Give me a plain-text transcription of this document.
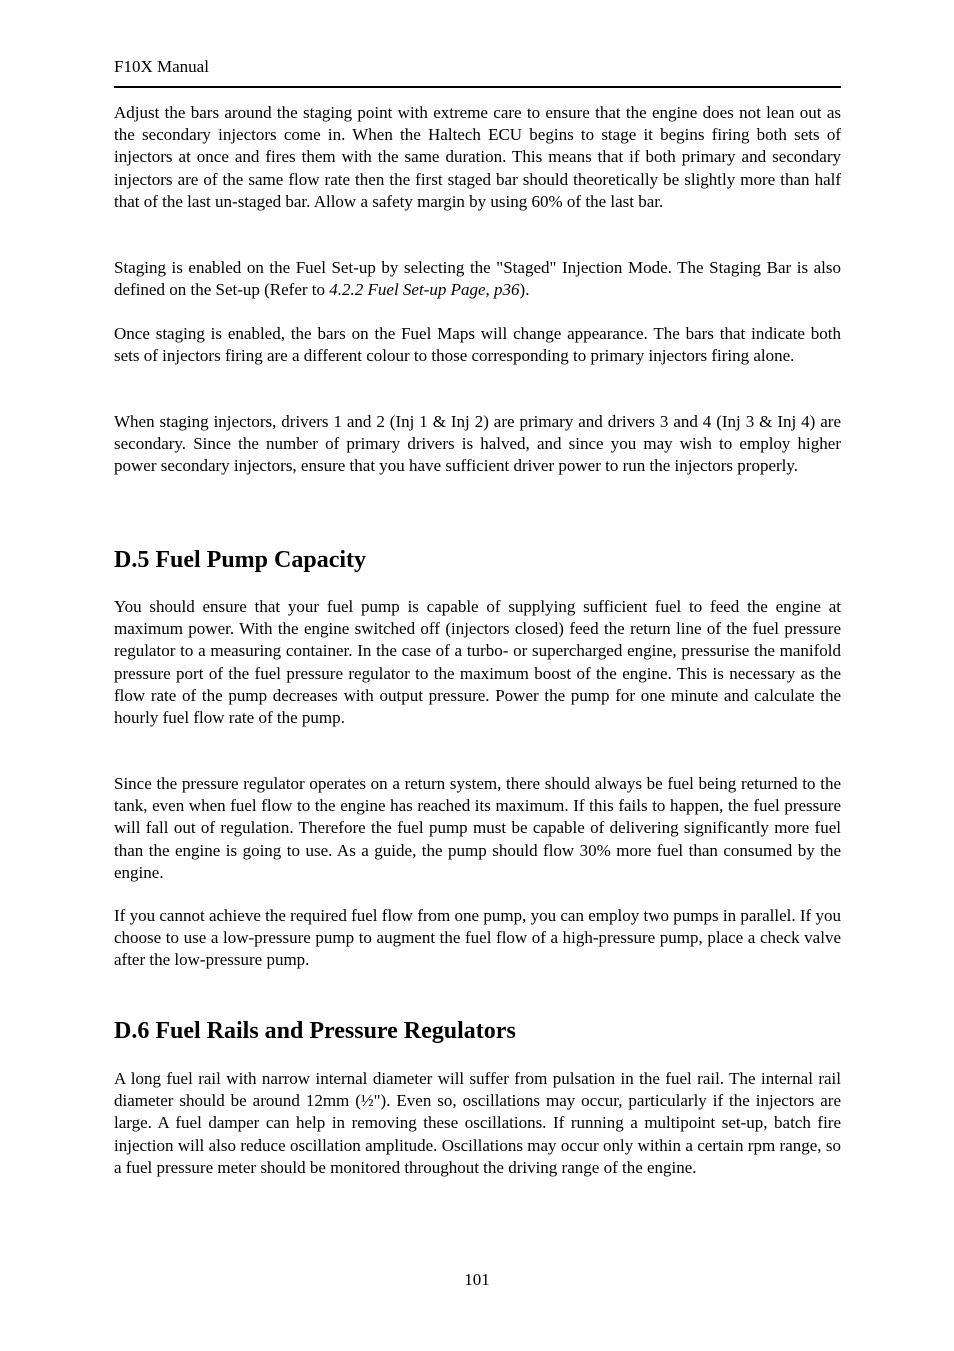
F10X Manual

Adjust the bars around the staging point with extreme care to ensure that the engine does not lean out as the secondary injectors come in. When the Haltech ECU begins to stage it begins firing both sets of injectors at once and fires them with the same duration. This means that if both primary and secondary injectors are of the same flow rate then the first staged bar should theoretically be slightly more than half that of the last un-staged bar. Allow a safety margin by using 60% of the last bar.

Staging is enabled on the Fuel Set-up by selecting the "Staged" Injection Mode. The Staging Bar is also defined on the Set-up (Refer to 4.2.2 Fuel Set-up Page, p36).

Once staging is enabled, the bars on the Fuel Maps will change appearance. The bars that indicate both sets of injectors firing are a different colour to those corresponding to primary injectors firing alone.

When staging injectors, drivers 1 and 2 (Inj 1 & Inj 2) are primary and drivers 3 and 4 (Inj 3 & Inj 4) are secondary. Since the number of primary drivers is halved, and since you may wish to employ higher power secondary injectors, ensure that you have sufficient driver power to run the injectors properly.

D.5 Fuel Pump Capacity

You should ensure that your fuel pump is capable of supplying sufficient fuel to feed the engine at maximum power. With the engine switched off (injectors closed) feed the return line of the fuel pressure regulator to a measuring container. In the case of a turbo- or supercharged engine, pressurise the manifold pressure port of the fuel pressure regulator to the maximum boost of the engine. This is necessary as the flow rate of the pump decreases with output pressure. Power the pump for one minute and calculate the hourly fuel flow rate of the pump.

Since the pressure regulator operates on a return system, there should always be fuel being returned to the tank, even when fuel flow to the engine has reached its maximum. If this fails to happen, the fuel pressure will fall out of regulation. Therefore the fuel pump must be capable of delivering significantly more fuel than the engine is going to use. As a guide, the pump should flow 30% more fuel than consumed by the engine.

If you cannot achieve the required fuel flow from one pump, you can employ two pumps in parallel. If you choose to use a low-pressure pump to augment the fuel flow of a high-pressure pump, place a check valve after the low-pressure pump.

D.6 Fuel Rails and Pressure Regulators

A long fuel rail with narrow internal diameter will suffer from pulsation in the fuel rail. The internal rail diameter should be around 12mm (½"). Even so, oscillations may occur, particularly if the injectors are large. A fuel damper can help in removing these oscillations. If running a multipoint set-up, batch fire injection will also reduce oscillation amplitude. Oscillations may occur only within a certain rpm range, so a fuel pressure meter should be monitored throughout the driving range of the engine.

101
